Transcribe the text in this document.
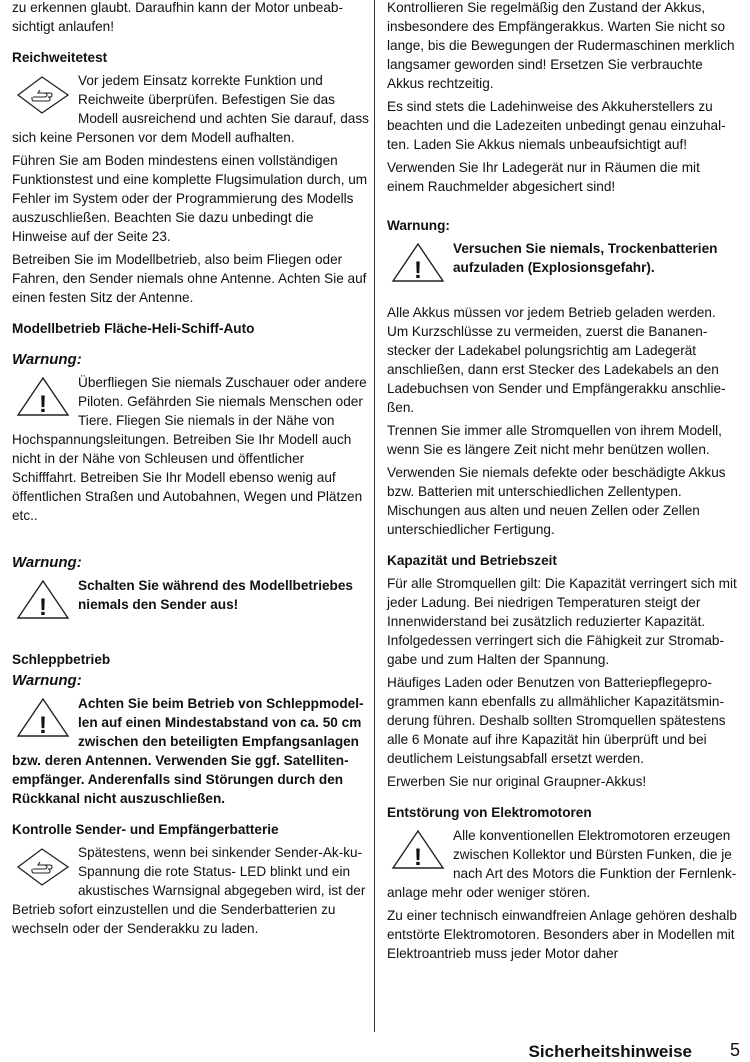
zu erkennen glaubt. Daraufhin kann der Motor unbeab-sichtigt anlaufen!

Reichweitetest

Vor jedem Einsatz korrekte Funktion und Reichweite überprüfen. Befestigen Sie das Modell ausreichend und achten Sie darauf, dass sich keine Personen vor dem Modell aufhalten.

Führen Sie am Boden mindestens einen vollständigen Funktionstest und eine komplette Flugsimulation durch, um Fehler im System oder der Programmierung des Modells auszuschließen. Beachten Sie dazu unbedingt die Hinweise auf der Seite 23.

Betreiben Sie im Modellbetrieb, also beim Fliegen oder Fahren, den Sender niemals ohne Antenne. Achten Sie auf einen festen Sitz der Antenne.

Modellbetrieb Fläche-Heli-Schiff-Auto
Warnung:

!
Überfliegen Sie niemals Zuschauer oder andere Piloten. Gefährden Sie niemals Menschen oder Tiere. Fliegen Sie niemals in der Nähe von Hochspannungsleitungen. Betreiben Sie Ihr Modell auch nicht in der Nähe von Schleusen und öffentlicher Schifffahrt. Betreiben Sie Ihr Modell ebenso wenig auf öffentlichen Straßen und Autobahnen, Wegen und Plätzen etc..

Warnung:

!
Schalten Sie während des Modellbetriebes niemals den Sender aus!

Schleppbetrieb
Warnung:

!
Achten Sie beim Betrieb von Schleppmodel-len auf einen Mindestabstand von ca. 50 cm zwischen den beteiligten Empfangsanlagen bzw. deren Antennen. Verwenden Sie ggf. Satelliten-empfänger. Anderenfalls sind Störungen durch den Rückkanal nicht auszuschließen.

Kontrolle Sender- und Empfängerbatterie

Spätestens, wenn bei sinkender Sender-Ak-ku-Spannung die rote Status- LED blinkt und ein akustisches Warnsignal abgegeben wird, ist der Betrieb sofort einzustellen und die Senderbatterien zu wechseln oder der Senderakku zu laden.

Kontrollieren Sie regelmäßig den Zustand der Akkus, insbesondere des Empfängerakkus. Warten Sie nicht so lange, bis die Bewegungen der Rudermaschinen merklich langsamer geworden sind! Ersetzen Sie verbrauchte Akkus rechtzeitig.

Es sind stets die Ladehinweise des Akkuherstellers zu beachten und die Ladezeiten unbedingt genau einzuhal-ten. Laden Sie Akkus niemals unbeaufsichtigt auf!

Verwenden Sie Ihr Ladegerät nur in Räumen die mit einem Rauchmelder abgesichert sind!

Warnung:

!
Versuchen Sie niemals, Trockenbatterien aufzuladen (Explosionsgefahr).

Alle Akkus müssen vor jedem Betrieb geladen werden. Um Kurzschlüsse zu vermeiden, zuerst die Bananen-stecker der Ladekabel polungsrichtig am Ladegerät anschließen, dann erst Stecker des Ladekabels an den Ladebuchsen von Sender und Empfängerakku anschlie-ßen.

Trennen Sie immer alle Stromquellen von ihrem Modell, wenn Sie es längere Zeit nicht mehr benützen wollen.

Verwenden Sie niemals defekte oder beschädigte Akkus bzw. Batterien mit unterschiedlichen Zellentypen. Mischungen aus alten und neuen Zellen oder Zellen unterschiedlicher Fertigung.

Kapazität und Betriebszeit

Für alle Stromquellen gilt: Die Kapazität verringert sich mit jeder Ladung. Bei niedrigen Temperaturen steigt der Innenwiderstand bei zusätzlich reduzierter Kapazität. Infolgedessen verringert sich die Fähigkeit zur Stromab-gabe und zum Halten der Spannung.

Häufiges Laden oder Benutzen von Batteriepflegepro-grammen kann ebenfalls zu allmählicher Kapazitätsmin-derung führen. Deshalb sollten Stromquellen spätestens alle 6 Monate auf ihre Kapazität hin überprüft und bei deutlichem Leistungsabfall ersetzt werden.

Erwerben Sie nur original Graupner-Akkus!

Entstörung von Elektromotoren

!
Alle konventionellen Elektromotoren erzeugen zwischen Kollektor und Bürsten Funken, die je nach Art des Motors die Funktion der Fernlenk-anlage mehr oder weniger stören.

Zu einer technisch einwandfreien Anlage gehören deshalb entstörte Elektromotoren. Besonders aber in Modellen mit Elektroantrieb muss jeder Motor daher

Sicherheitshinweise 5
